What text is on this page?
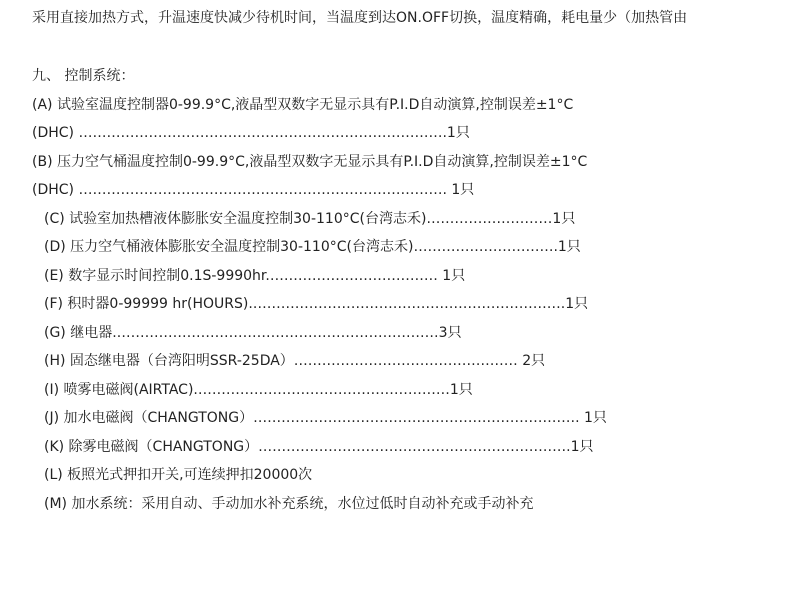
采用直接加热方式，升温速度快减少待机时间，当温度到达ON.OFF切换，温度精确，耗电量少（加热管由
九、 控制系统：
(A) 试验室温度控制器0-99.9°C,液晶型双数字无显示具有P.I.D自动演算,控制误差±1°C
(DHC) …………………………………………………………………….1只
(B) 压力空气桶温度控制0-99.9°C,液晶型双数字无显示具有P.I.D自动演算,控制误差±1°C
(DHC) ……………………………………………………………………. 1只
(C) 试验室加热槽液体膨胀安全温度控制30-110°C(台湾志禾)………………………1只
(D) 压力空气桶液体膨胀安全温度控制30-110°C(台湾志禾)………………………….1只
(E) 数字显示时间控制0.1S-9990hr.……………………………… 1只
(F) 积时器0-99999 hr(HOURS).………………………………………………………….1只
(G) 继电器.……………………………………………………………3只
(H) 固态继电器（台湾阳明SSR-25DA）………………………………………… 2只
(I) 喷雾电磁阀(AIRTAC).………………………………………………1只
(J) 加水电磁阀（CHANGTONG）……………………………………………………………. 1只
(K) 除雾电磁阀（CHANGTONG）………………………………………………………….1只
(L) 板照光式押扣开关,可连续押扣20000次
(M) 加水系统：采用自动、手动加水补充系统，水位过低时自动补充或手动补充
